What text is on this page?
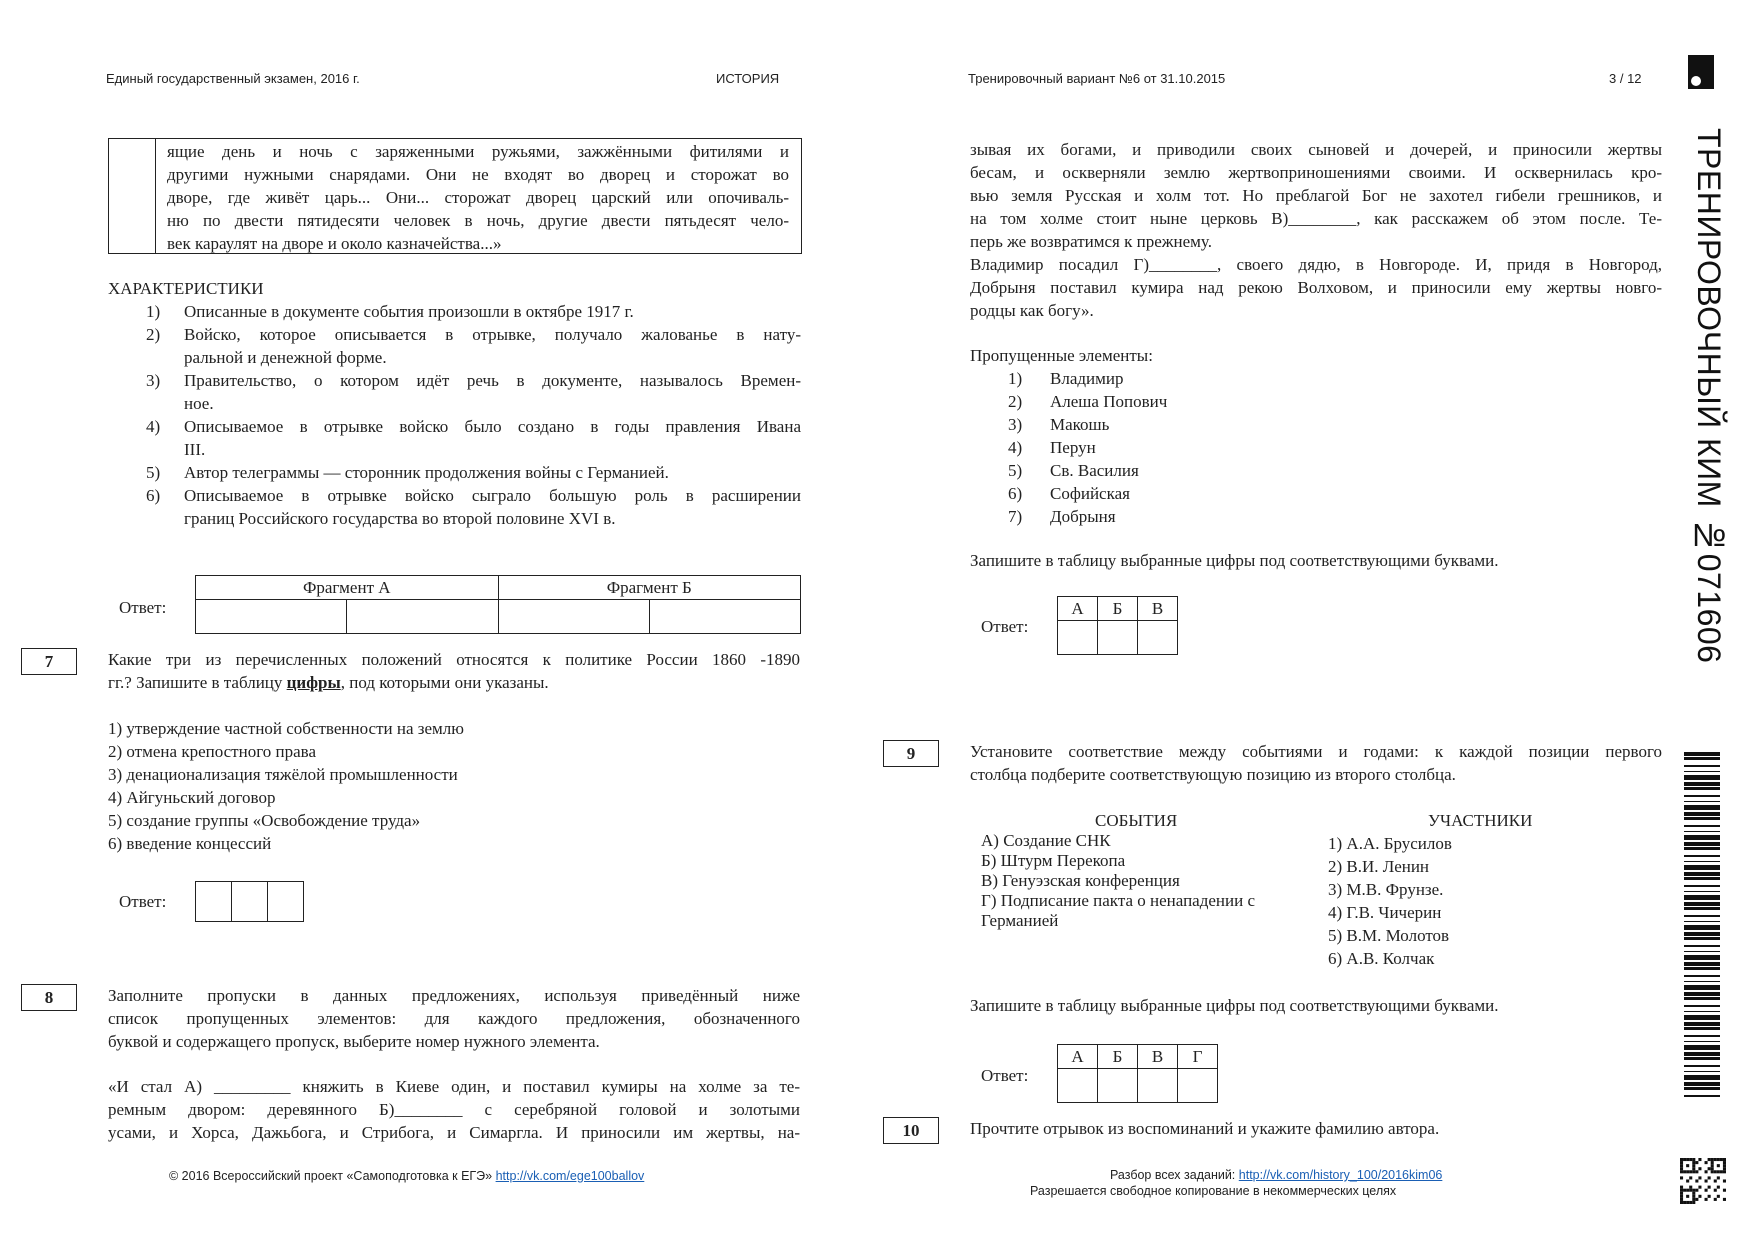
Единый государственный экзамен, 2016 г.	ИСТОРИЯ	Тренировочный вариант №6 от 31.10.2015	3 / 12
ТРЕНИРОВОЧНЫЙ КИМ №071606
ящие день и ночь с заряженными ружьями, зажжёнными фитилями и
другими нужными снарядами. Они не входят во дворец и сторожат во
дворе, где живёт царь... Они... сторожат дворец царский или опочиваль-
ню по двести пятидесяти человек в ночь, другие двести пятьдесят чело-
век караулят на дворе и около казначейства...»
ХАРАКТЕРИСТИКИ
1)	Описанные в документе события произошли в октябре 1917 г.
2)	Войско, которое описывается в отрывке, получало жалованье в нату-
ральной и денежной форме.
3)	Правительство, о котором идёт речь в документе, называлось Времен-
ное.
4)	Описываемое в отрывке войско было создано в годы правления Ивана
III.
5)	Автор телеграммы — сторонник продолжения войны с Германией.
6)	Описываемое в отрывке войско сыграло большую роль в расширении
границ Российского государства во второй половине XVI в.
Ответ:
Фрагмент А		Фрагмент Б	

7	Какие три из перечисленных положений относятся к политике России 1860 -1890
гг.? Запишите в таблицу цифры, под которыми они указаны.
1) утверждение частной собственности на землю
2) отмена крепостного права
3) денационализация тяжёлой промышленности
4) Айгуньский договор
5) создание группы «Освобождение труда»
6) введение концессий
Ответ:

8	Заполните пропуски в данных предложениях, используя приведённый ниже
список пропущенных элементов: для каждого предложения, обозначенного
буквой и содержащего пропуск, выберите номер нужного элемента.
«И стал А) _________ княжить в Киеве один, и поставил кумиры на холме за те-
ремным двором: деревянного Б)________ с серебряной головой и золотыми
усами, и Хорса, Дажьбога, и Стрибога, и Симаргла. И приносили им жертвы, на-
© 2016 Всероссийский проект «Самоподготовка к ЕГЭ» http://vk.com/ege100ballov
зывая их богами, и приводили своих сыновей и дочерей, и приносили жертвы
бесам, и оскверняли землю жертвоприношениями своими. И осквернилась кро-
вью земля Русская и холм тот. Но преблагой Бог не захотел гибели грешников, и
на том холме стоит ныне церковь В)________, как расскажем об этом после. Те-
перь же возвратимся к прежнему.
Владимир посадил Г)________, своего дядю, в Новгороде. И, придя в Новгород,
Добрыня поставил кумира над рекою Волховом, и приносили ему жертвы новго-
родцы как богу».
Пропущенные элементы:
1) Владимир
2) Алеша Попович
3) Макошь
4) Перун
5) Св. Василия
6) Софийская
7) Добрыня
Запишите в таблицу выбранные цифры под соответствующими буквами.
Ответ:
А	Б	В

9	Установите соответствие между событиями и годами: к каждой позиции первого
столбца подберите соответствующую позицию из второго столбца.
СОБЫТИЯ	УЧАСТНИКИ
А) Создание СНК
Б) Штурм Перекопа
В) Генуэзская конференция
Г) Подписание пакта о ненападении с
Германией
1) А.А. Брусилов
2) В.И. Ленин
3) М.В. Фрунзе.
4) Г.В. Чичерин
5) В.М. Молотов
6) А.В. Колчак
Запишите в таблицу выбранные цифры под соответствующими буквами.
Ответ:
А	Б	В	Г

10	Прочтите отрывок из воспоминаний и укажите фамилию автора.
Разбор всех заданий: http://vk.com/history_100/2016kim06
Разрешается свободное копирование в некоммерческих целях
